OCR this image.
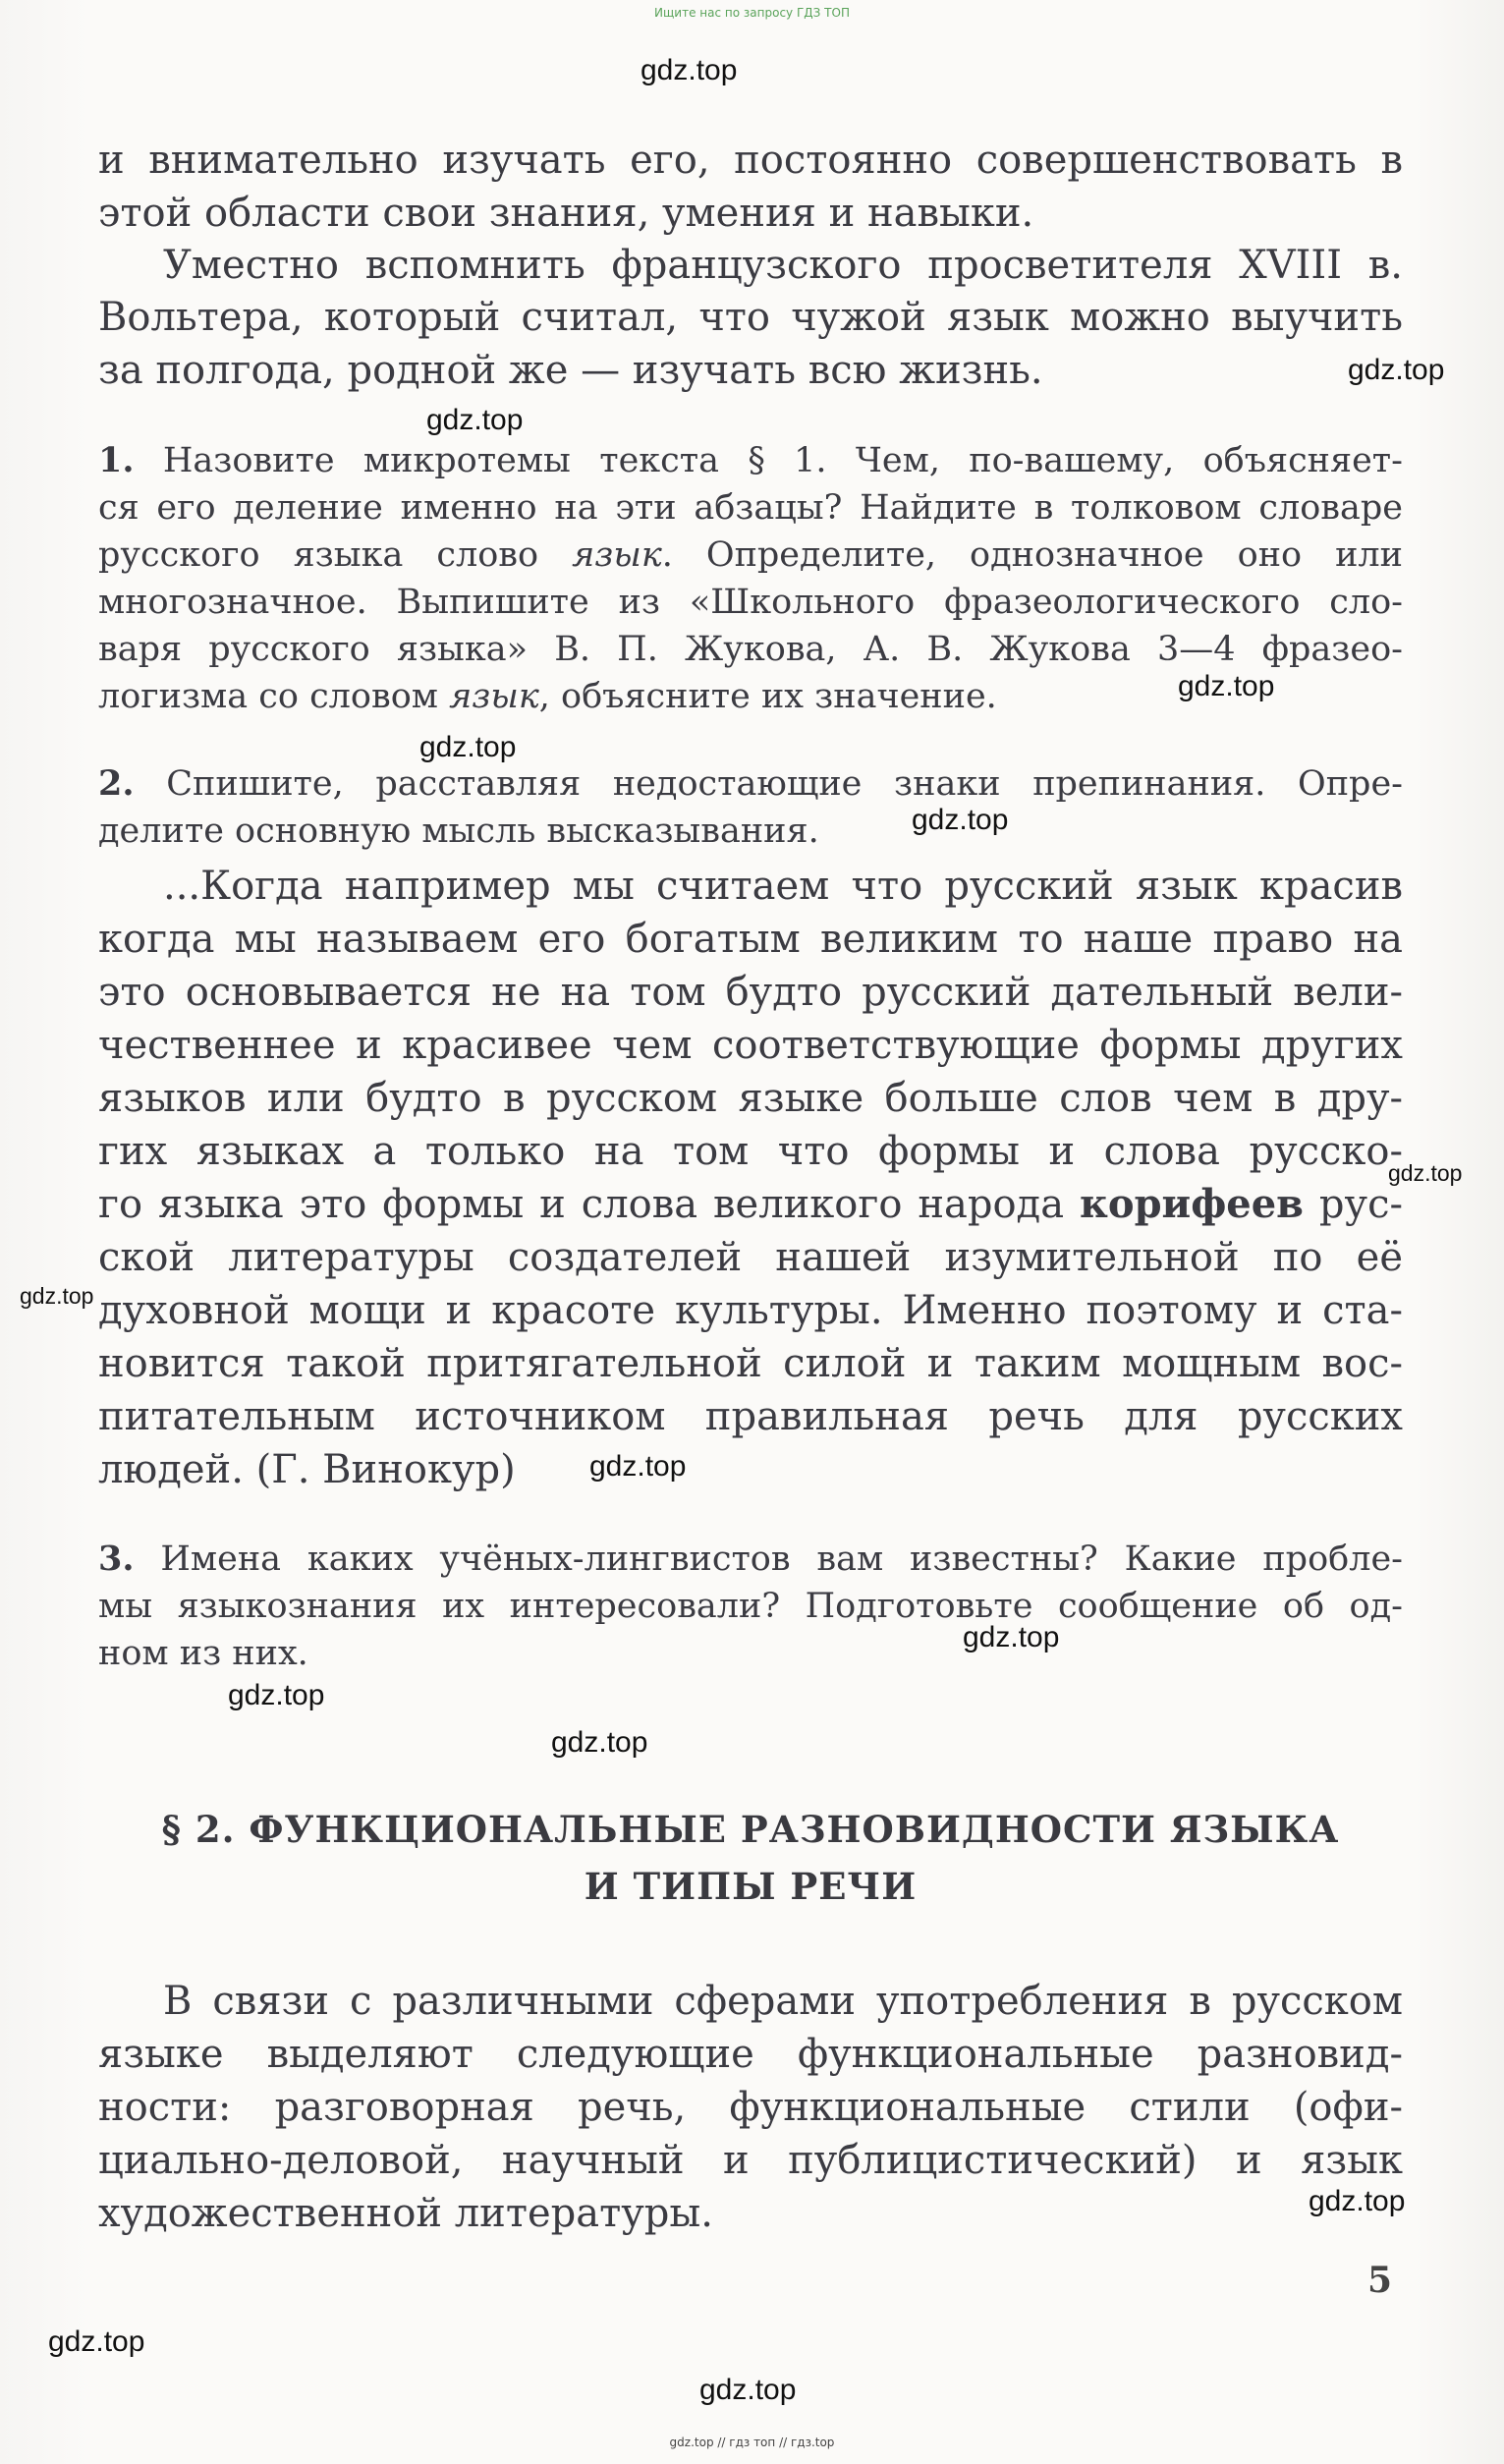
Ищите нас по запросу ГДЗ ТОП
и внимательно изучать его, постоянно совершенствовать в
этой области свои знания, умения и навыки.
Уместно вспомнить французского просветителя XVIII в.
Вольтера, который считал, что чужой язык можно выучить
за полгода, родной же — изучать всю жизнь.
1. Назовите микротемы текста § 1. Чем, по-вашему, объясняет-
ся его деление именно на эти абзацы? Найдите в толковом словаре
русского языка слово язык. Определите, однозначное оно или
многозначное. Выпишите из «Школьного фразеологического сло-
варя русского языка» В. П. Жукова, А. В. Жукова 3—4 фразео-
логизма со словом язык, объясните их значение.
2. Спишите, расставляя недостающие знаки препинания. Опре-
делите основную мысль высказывания.
...Когда например мы считаем что русский язык красив
когда мы называем его богатым великим то наше право на
это основывается не на том будто русский дательный вели-
чественнее и красивее чем соответствующие формы других
языков или будто в русском языке больше слов чем в дру-
гих языках а только на том что формы и слова русско-
го языка это формы и слова великого народа корифеев рус-
ской литературы создателей нашей изумительной по её
духовной мощи и красоте культуры. Именно поэтому и ста-
новится такой притягательной силой и таким мощным вос-
питательным источником правильная речь для русских
людей. (Г. Винокур)
3. Имена каких учёных-лингвистов вам известны? Какие пробле-
мы языкознания их интересовали? Подготовьте сообщение об од-
ном из них.
§ 2. ФУНКЦИОНАЛЬНЫЕ РАЗНОВИДНОСТИ ЯЗЫКА
И ТИПЫ РЕЧИ
В связи с различными сферами употребления в русском
языке выделяют следующие функциональные разновид-
ности: разговорная речь, функциональные стили (офи-
циально-деловой, научный и публицистический) и язык
художественной литературы.
5
gdz.top
gdz.top
gdz.top
gdz.top
gdz.top
gdz.top
gdz.top
gdz.top
gdz.top
gdz.top
gdz.top
gdz.top
gdz.top
gdz.top
gdz.top
gdz.top // гдз топ // гдз.top
